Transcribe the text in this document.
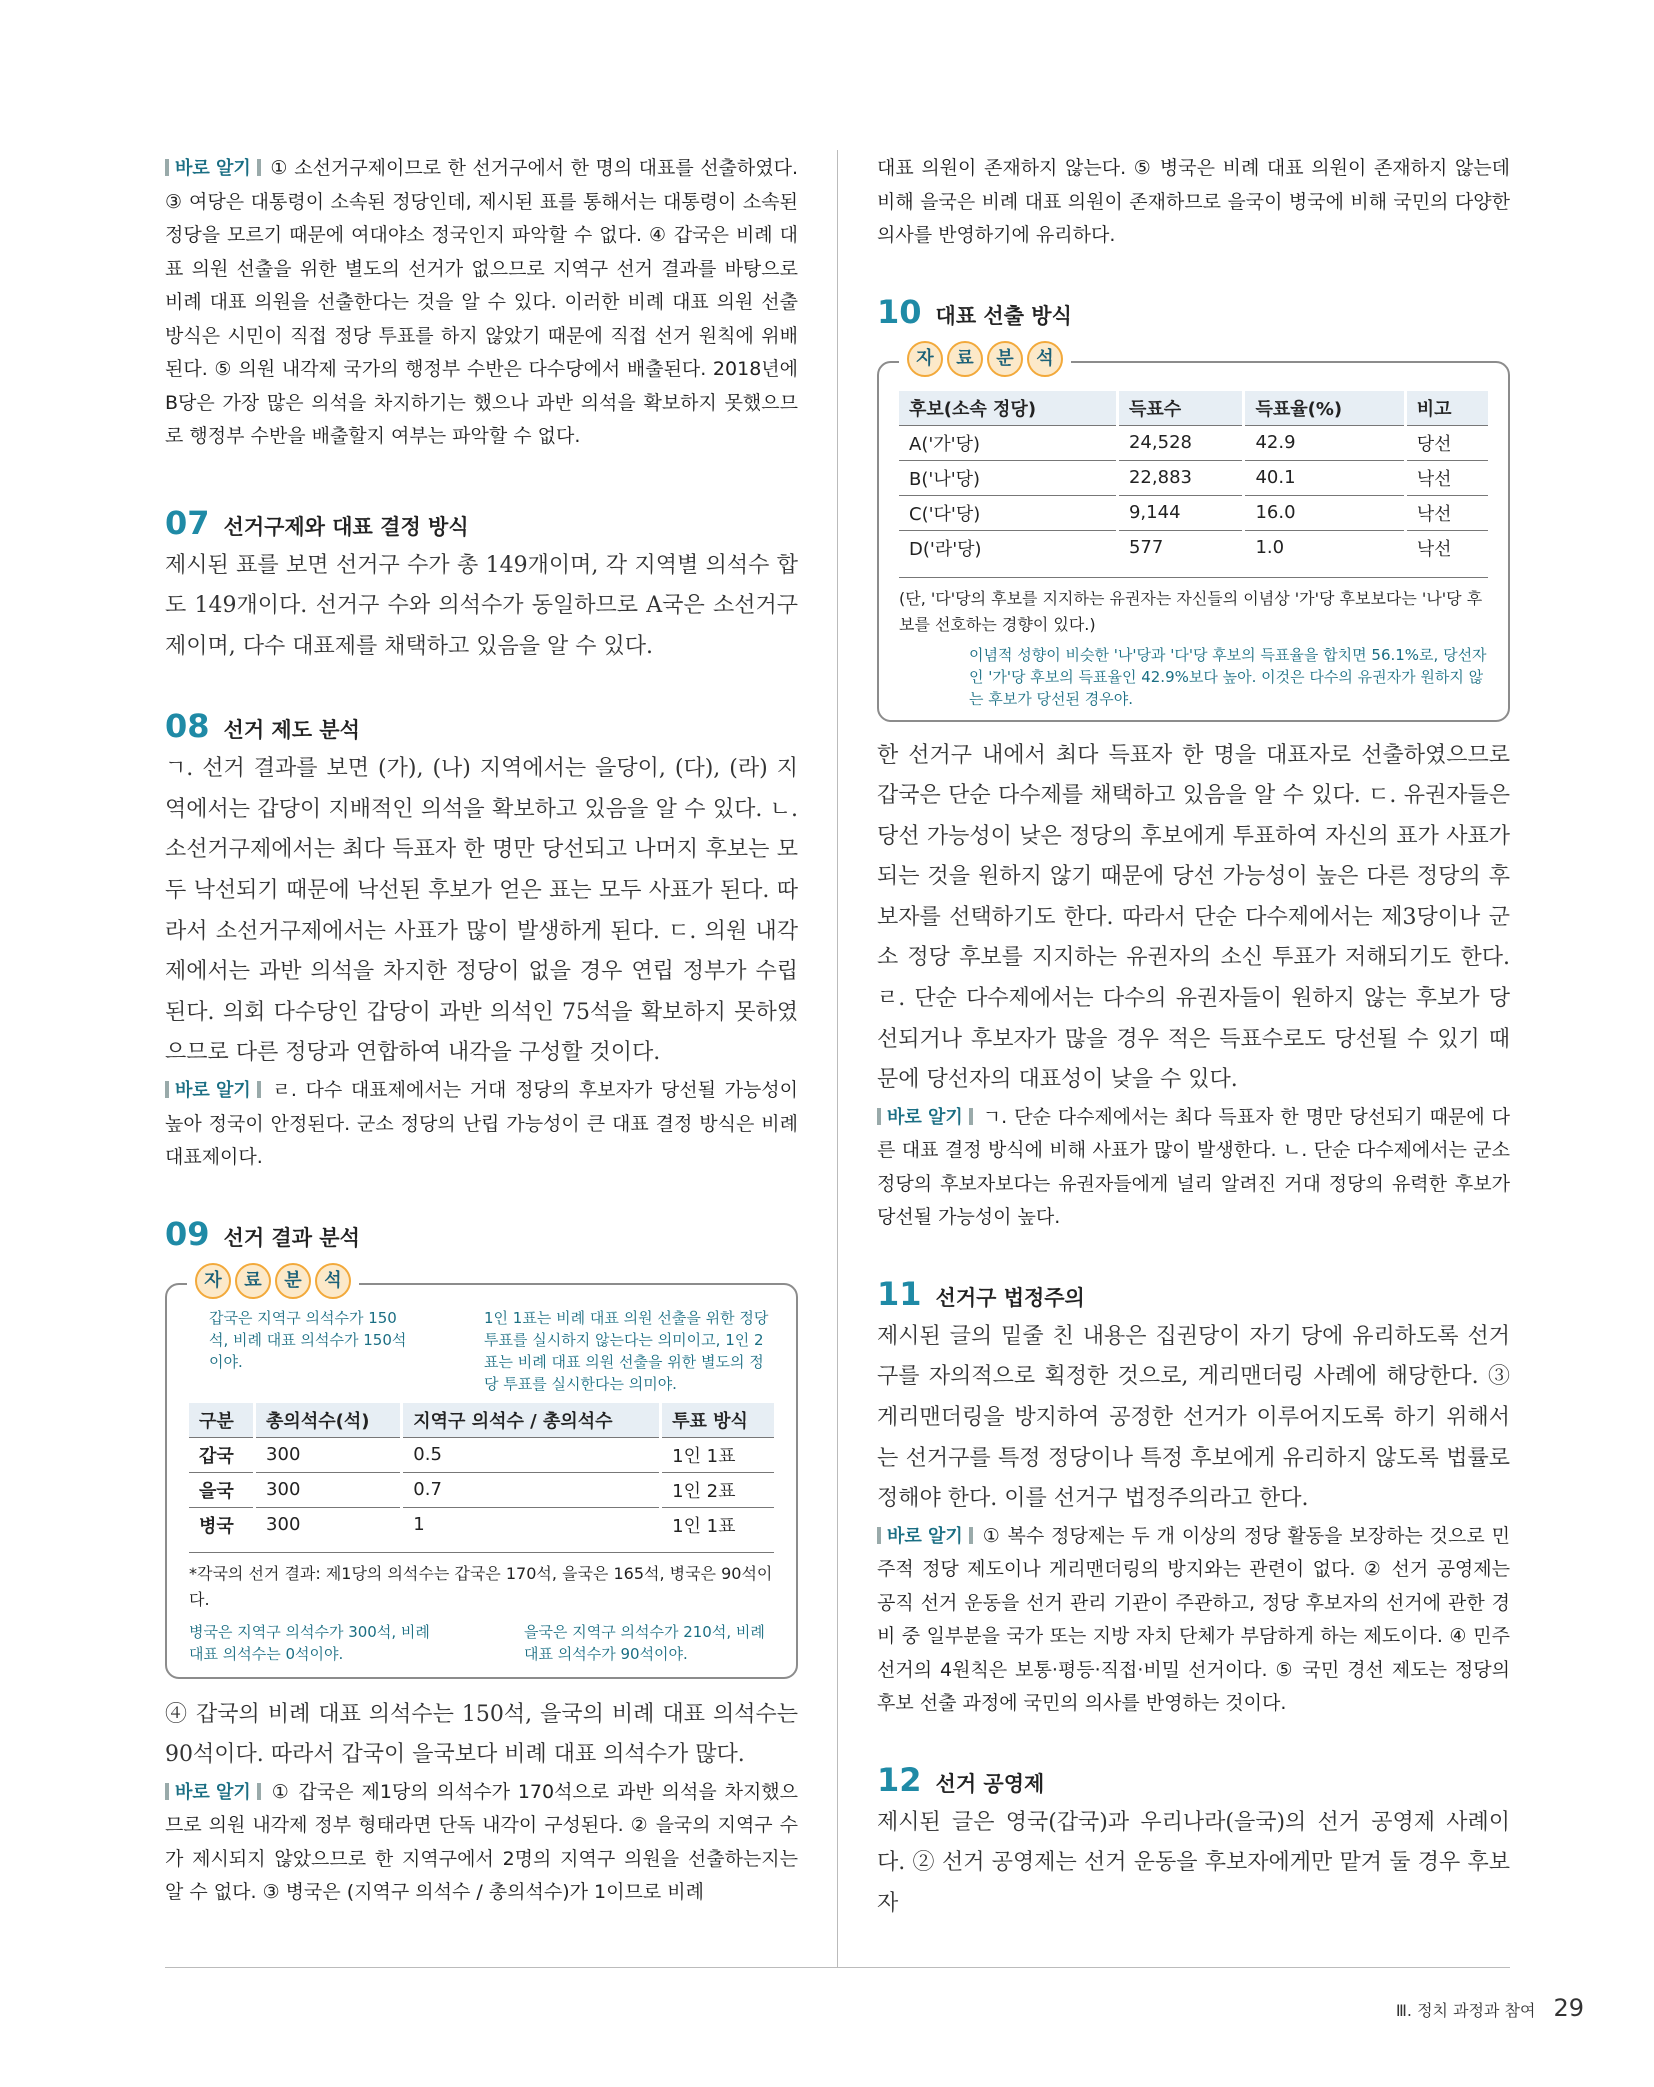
바로 알기 ① 소선거구제이므로 한 선거구에서 한 명의 대표를 선출하였다. ③ 여당은 대통령이 소속된 정당인데, 제시된 표를 통해서는 대통령이 소속된 정당을 모르기 때문에 여대야소 정국인지 파악할 수 없다. ④ 갑국은 비례 대표 의원 선출을 위한 별도의 선거가 없으므로 지역구 선거 결과를 바탕으로 비례 대표 의원을 선출한다는 것을 알 수 있다. 이러한 비례 대표 의원 선출 방식은 시민이 직접 정당 투표를 하지 않았기 때문에 직접 선거 원칙에 위배된다. ⑤ 의원 내각제 국가의 행정부 수반은 다수당에서 배출된다. 2018년에 B당은 가장 많은 의석을 차지하기는 했으나 과반 의석을 확보하지 못했으므로 행정부 수반을 배출할지 여부는 파악할 수 없다.

07 선거구제와 대표 결정 방식

제시된 표를 보면 선거구 수가 총 149개이며, 각 지역별 의석수 합도 149개이다. 선거구 수와 의석수가 동일하므로 A국은 소선거구제이며, 다수 대표제를 채택하고 있음을 알 수 있다.

08 선거 제도 분석

ㄱ. 선거 결과를 보면 (가), (나) 지역에서는 을당이, (다), (라) 지역에서는 갑당이 지배적인 의석을 확보하고 있음을 알 수 있다. ㄴ. 소선거구제에서는 최다 득표자 한 명만 당선되고 나머지 후보는 모두 낙선되기 때문에 낙선된 후보가 얻은 표는 모두 사표가 된다. 따라서 소선거구제에서는 사표가 많이 발생하게 된다. ㄷ. 의원 내각제에서는 과반 의석을 차지한 정당이 없을 경우 연립 정부가 수립된다. 의회 다수당인 갑당이 과반 의석인 75석을 확보하지 못하였으므로 다른 정당과 연합하여 내각을 구성할 것이다.

바로 알기 ㄹ. 다수 대표제에서는 거대 정당의 후보자가 당선될 가능성이 높아 정국이 안정된다. 군소 정당의 난립 가능성이 큰 대표 결정 방식은 비례 대표제이다.

09 선거 결과 분석
자	료	분	석
갑국은 지역구 의석수가 150석, 비례 대표 의석수가 150석이야.
1인 1표는 비례 대표 의원 선출을 위한 정당 투표를 실시하지 않는다는 의미이고, 1인 2표는 비례 대표 의원 선출을 위한 별도의 정당 투표를 실시한다는 의미야.
구분	총의석수(석)	지역구 의석수 / 총의석수	투표 방식
갑국	300	0.5	1인 1표
을국	300	0.7	1인 2표
병국	300	1	1인 1표
*각국의 선거 결과: 제1당의 의석수는 갑국은 170석, 을국은 165석, 병국은 90석이다.
병국은 지역구 의석수가 300석, 비례 대표 의석수는 0석이야.
을국은 지역구 의석수가 210석, 비례 대표 의석수가 90석이야.

④ 갑국의 비례 대표 의석수는 150석, 을국의 비례 대표 의석수는 90석이다. 따라서 갑국이 을국보다 비례 대표 의석수가 많다.

바로 알기 ① 갑국은 제1당의 의석수가 170석으로 과반 의석을 차지했으므로 의원 내각제 정부 형태라면 단독 내각이 구성된다. ② 을국의 지역구 수가 제시되지 않았으므로 한 지역구에서 2명의 지역구 의원을 선출하는지는 알 수 없다. ③ 병국은 (지역구 의석수 / 총의석수)가 1이므로 비례

대표 의원이 존재하지 않는다. ⑤ 병국은 비례 대표 의원이 존재하지 않는데 비해 을국은 비례 대표 의원이 존재하므로 을국이 병국에 비해 국민의 다양한 의사를 반영하기에 유리하다.

10 대표 선출 방식
자	료	분	석
후보(소속 정당)	득표수	득표율(%)	비고
A('가'당)	24,528	42.9	당선
B('나'당)	22,883	40.1	낙선
C('다'당)	9,144	16.0	낙선
D('라'당)	577	1.0	낙선
(단, '다'당의 후보를 지지하는 유권자는 자신들의 이념상 '가'당 후보보다는 '나'당 후보를 선호하는 경향이 있다.)
이념적 성향이 비슷한 '나'당과 '다'당 후보의 득표율을 합치면 56.1%로, 당선자인 '가'당 후보의 득표율인 42.9%보다 높아. 이것은 다수의 유권자가 원하지 않는 후보가 당선된 경우야.

한 선거구 내에서 최다 득표자 한 명을 대표자로 선출하였으므로 갑국은 단순 다수제를 채택하고 있음을 알 수 있다. ㄷ. 유권자들은 당선 가능성이 낮은 정당의 후보에게 투표하여 자신의 표가 사표가 되는 것을 원하지 않기 때문에 당선 가능성이 높은 다른 정당의 후보자를 선택하기도 한다. 따라서 단순 다수제에서는 제3당이나 군소 정당 후보를 지지하는 유권자의 소신 투표가 저해되기도 한다. ㄹ. 단순 다수제에서는 다수의 유권자들이 원하지 않는 후보가 당선되거나 후보자가 많을 경우 적은 득표수로도 당선될 수 있기 때문에 당선자의 대표성이 낮을 수 있다.

바로 알기 ㄱ. 단순 다수제에서는 최다 득표자 한 명만 당선되기 때문에 다른 대표 결정 방식에 비해 사표가 많이 발생한다. ㄴ. 단순 다수제에서는 군소 정당의 후보자보다는 유권자들에게 널리 알려진 거대 정당의 유력한 후보가 당선될 가능성이 높다.

11 선거구 법정주의

제시된 글의 밑줄 친 내용은 집권당이 자기 당에 유리하도록 선거구를 자의적으로 획정한 것으로, 게리맨더링 사례에 해당한다. ③ 게리맨더링을 방지하여 공정한 선거가 이루어지도록 하기 위해서는 선거구를 특정 정당이나 특정 후보에게 유리하지 않도록 법률로 정해야 한다. 이를 선거구 법정주의라고 한다.

바로 알기 ① 복수 정당제는 두 개 이상의 정당 활동을 보장하는 것으로 민주적 정당 제도이나 게리맨더링의 방지와는 관련이 없다. ② 선거 공영제는 공직 선거 운동을 선거 관리 기관이 주관하고, 정당 후보자의 선거에 관한 경비 중 일부분을 국가 또는 지방 자치 단체가 부담하게 하는 제도이다. ④ 민주 선거의 4원칙은 보통·평등·직접·비밀 선거이다. ⑤ 국민 경선 제도는 정당의 후보 선출 과정에 국민의 의사를 반영하는 것이다.

12 선거 공영제

제시된 글은 영국(갑국)과 우리나라(을국)의 선거 공영제 사례이다. ② 선거 공영제는 선거 운동을 후보자에게만 맡겨 둘 경우 후보자

Ⅲ. 정치 과정과 참여 29
